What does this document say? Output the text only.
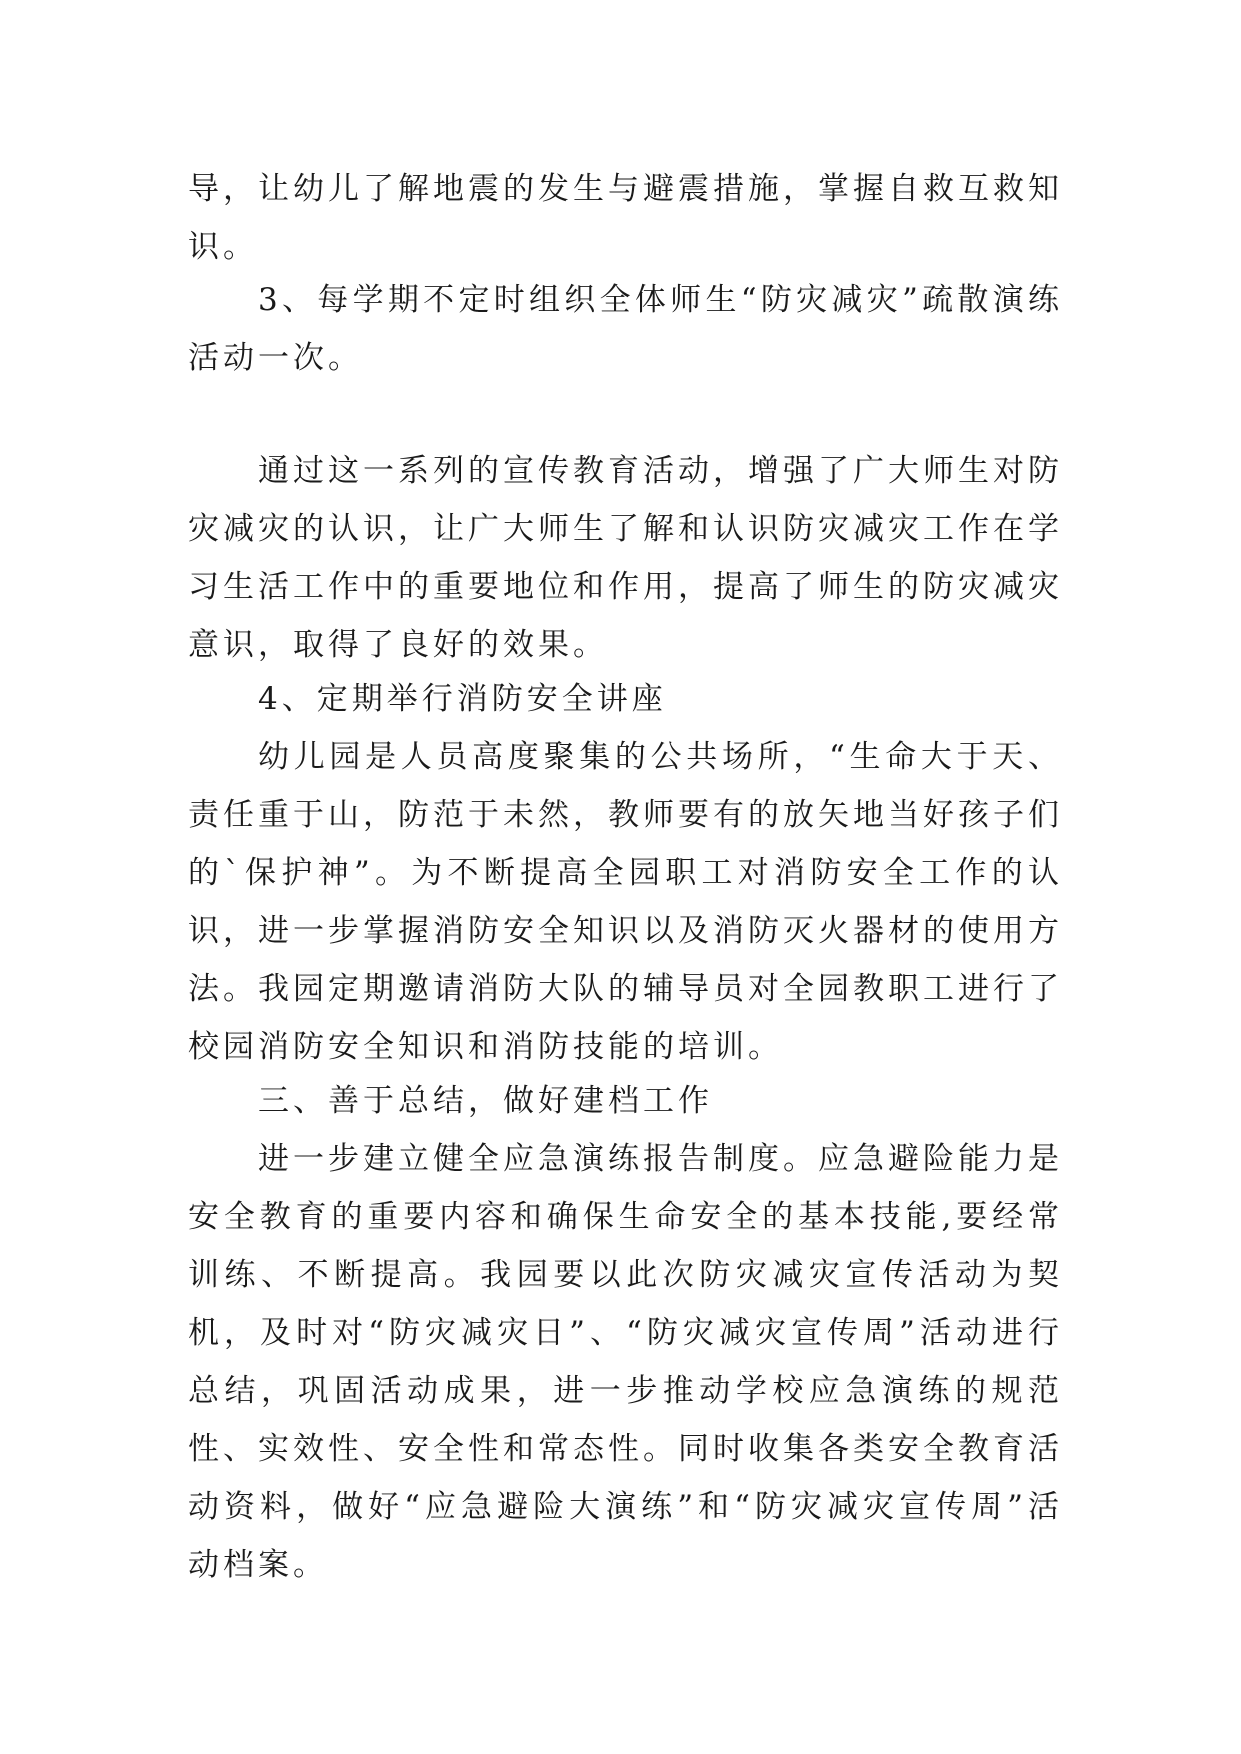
导，让幼儿了解地震的发生与避震措施，掌握自救互救知识。

3、每学期不定时组织全体师生“防灾减灾”疏散演练活动一次。

通过这一系列的宣传教育活动，增强了广大师生对防灾减灾的认识，让广大师生了解和认识防灾减灾工作在学习生活工作中的重要地位和作用，提高了师生的防灾减灾意识，取得了良好的效果。

4、定期举行消防安全讲座

幼儿园是人员高度聚集的公共场所，“生命大于天、责任重于山，防范于未然，教师要有的放矢地当好孩子们的`保护神”。为不断提高全园职工对消防安全工作的认识，进一步掌握消防安全知识以及消防灭火器材的使用方法。我园定期邀请消防大队的辅导员对全园教职工进行了校园消防安全知识和消防技能的培训。

三、善于总结，做好建档工作

进一步建立健全应急演练报告制度。应急避险能力是安全教育的重要内容和确保生命安全的基本技能,要经常训练、不断提高。我园要以此次防灾减灾宣传活动为契机，及时对“防灾减灾日”、“防灾减灾宣传周”活动进行总结，巩固活动成果，进一步推动学校应急演练的规范性、实效性、安全性和常态性。同时收集各类安全教育活动资料，做好“应急避险大演练”和“防灾减灾宣传周”活动档案。
